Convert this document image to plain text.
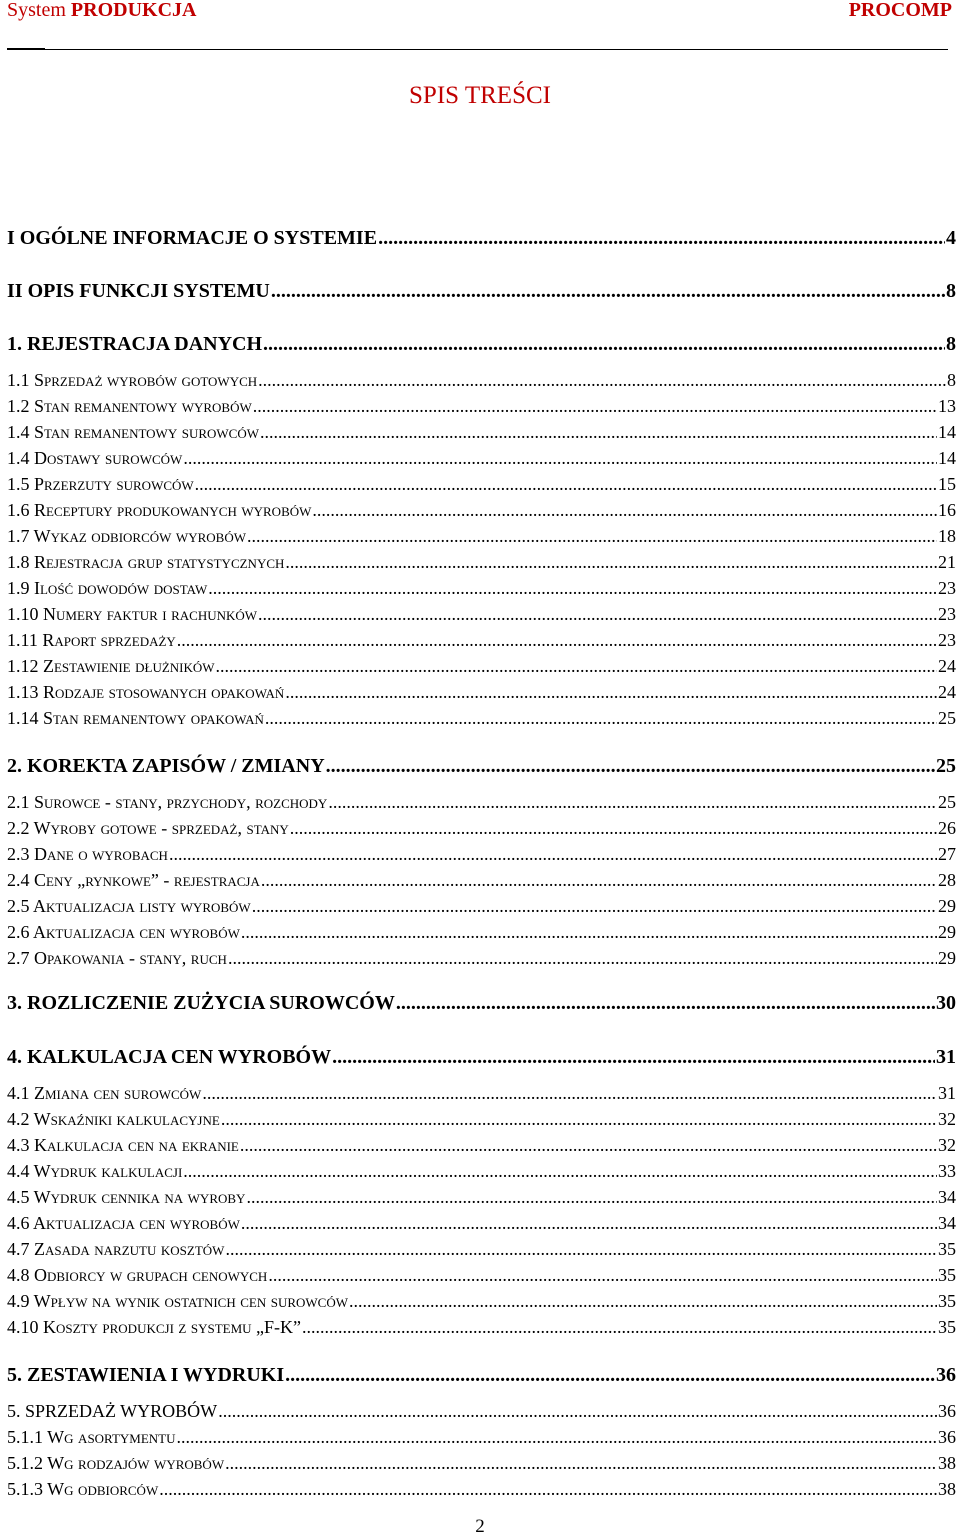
System PRODUKCJA	PROCOMP
SPIS TREŚCI
I OGÓLNE INFORMACJE O SYSTEMIE .....	4
II OPIS FUNKCJI SYSTEMU .....	8
1. REJESTRACJA DANYCH .....	8
1.1 Sprzedaż wyrobów gotowych .....	8
1.2 Stan remanentowy wyrobów .....	13
1.4 Stan remanentowy surowców .....	14
1.4 Dostawy surowców .....	14
1.5 Przerzuty surowców .....	15
1.6 Receptury produkowanych wyrobów .....	16
1.7 Wykaz odbiorców wyrobów .....	18
1.8 Rejestracja grup statystycznych .....	21
1.9 Ilość dowodów dostaw .....	23
1.10 Numery faktur i rachunków .....	23
1.11 Raport sprzedaży .....	23
1.12 Zestawienie dłużników .....	24
1.13 Rodzaje stosowanych opakowań .....	24
1.14 Stan remanentowy opakowań .....	25
2. KOREKTA ZAPISÓW / ZMIANY .....	25
2.1 Surowce - stany, przychody, rozchody .....	25
2.2 Wyroby gotowe - sprzedaż, stany .....	26
2.3 Dane o wyrobach .....	27
2.4 Ceny „rynkowe” - rejestracja .....	28
2.5 Aktualizacja listy wyrobów .....	29
2.6 Aktualizacja cen wyrobów .....	29
2.7 Opakowania - stany, ruch .....	29
3. ROZLICZENIE ZUŻYCIA SUROWCÓW .....	30
4. KALKULACJA CEN WYROBÓW .....	31
4.1 Zmiana cen surowców .....	31
4.2 Wskaźniki kalkulacyjne .....	32
4.3 Kalkulacja cen na ekranie .....	32
4.4 Wydruk kalkulacji .....	33
4.5 Wydruk cennika na wyroby .....	34
4.6 Aktualizacja cen wyrobów .....	34
4.7 Zasada narzutu kosztów .....	35
4.8 Odbiorcy w grupach cenowych .....	35
4.9 Wpływ na wynik ostatnich cen surowców .....	35
4.10 Koszty produkcji z systemu „F-K” .....	35
5. ZESTAWIENIA I WYDRUKI .....	36
5. SPRZEDAŻ WYROBÓW .....	36
5.1.1 Wg asortymentu .....	36
5.1.2 Wg rodzajów wyrobów .....	38
5.1.3 Wg odbiorców .....	38
2
